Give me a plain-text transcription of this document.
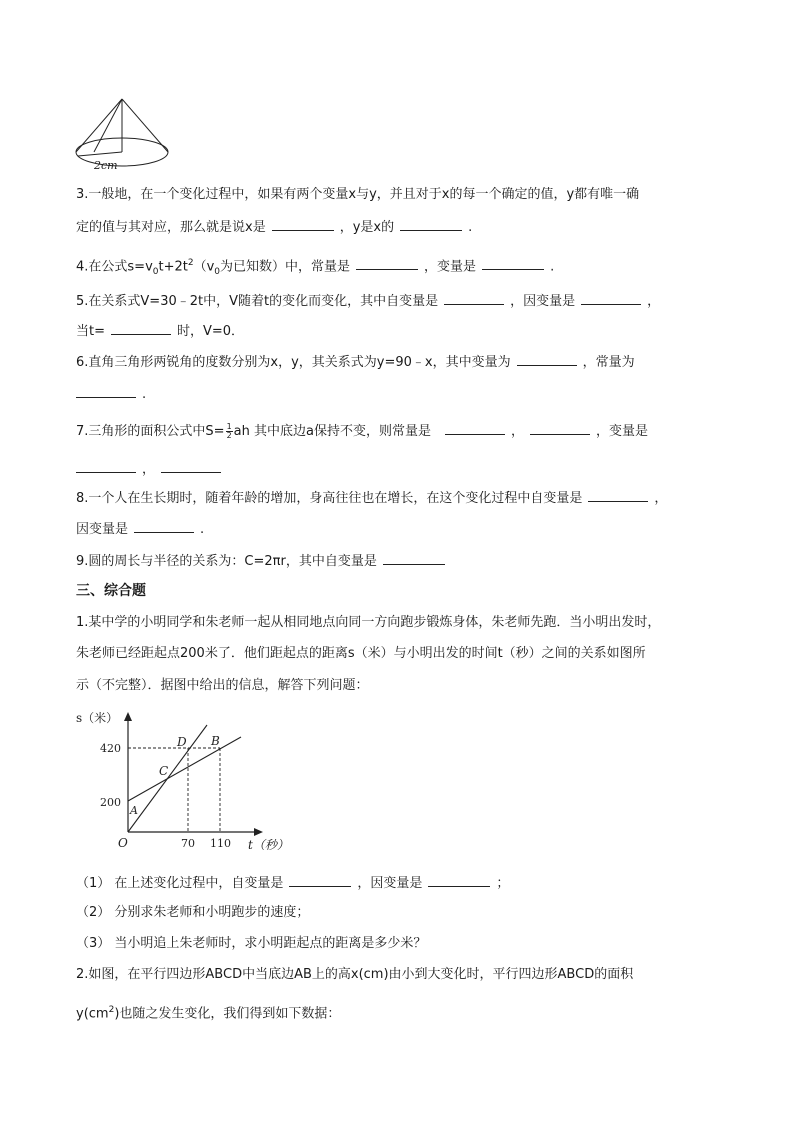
2cm
3.一般地，在一个变化过程中，如果有两个变量x与y，并且对于x的每一个确定的值，y都有唯一确
定的值与其对应，那么就是说x是	，y是x的	.
4.在公式$s=v_0t+2t^2(v_0$为已知数）中，常量是	，变量是	.
5.在关系式V=30﹣2t中，V随着t的变化而变化，其中自变量是	，因变量是	，
当t=	时，V=0．
6.直角三角形两锐角的度数分别为x，y，其关系式为y=90﹣x，其中变量为	，常量为
.
7.三角形的面积公式中$S= \frac{1}{2}$ ah 其中底边a保持不变，则常量是	，	，变量是
，
8.一个人在生长期时，随着年龄的增加，身高往往也在增长，在这个变化过程中自变量是	，
因变量是	.
9.圆的周长与半径的关系为：C=2πr，其中自变量是
三、综合题
1.某中学的小明同学和朱老师一起从相同地点向同一方向跑步锻炼身体，朱老师先跑．当小明出发时，
朱老师已经距起点200米了．他们距起点的距离s（米）与小明出发的时间t（秒）之间的关系如图所
示（不完整）．据图中给出的信息，解答下列问题：
s（米）
420
200
O	70 110 t（秒）
D B
C
A
（1） 在上述变化过程中，自变量是	，因变量是	；
（2） 分别求朱老师和小明跑步的速度；
（3） 当小明追上朱老师时，求小明距起点的距离是多少米？
2.如图，在平行四边形ABCD中当底边AB上的高x(cm)由小到大变化时，平行四边形ABCD的面积
$y(cm^2)$也随之发生变化，我们得到如下数据：
